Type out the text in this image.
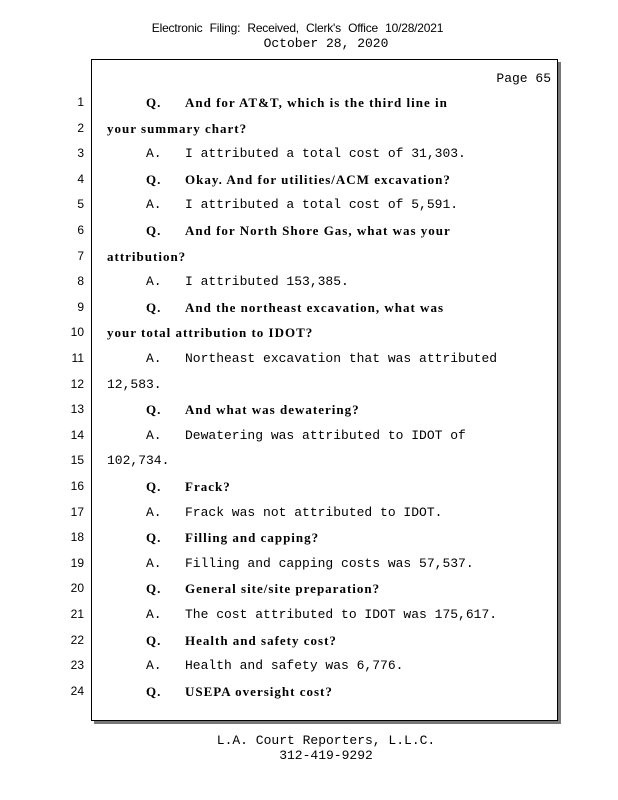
Electronic Filing: Received, Clerk's Office 10/28/2021
October 28, 2020
Page 65
1	Q. And for AT&T, which is the third line in
2 your summary chart?
3	A. I attributed a total cost of 31,303.
4	Q. Okay. And for utilities/ACM excavation?
5	A. I attributed a total cost of 5,591.
6	Q. And for North Shore Gas, what was your
7 attribution?
8	A. I attributed 153,385.
9	Q. And the northeast excavation, what was
10 your total attribution to IDOT?
11	A. Northeast excavation that was attributed
12 12,583.
13	Q. And what was dewatering?
14	A. Dewatering was attributed to IDOT of
15 102,734.
16	Q. Frack?
17	A. Frack was not attributed to IDOT.
18	Q. Filling and capping?
19	A. Filling and capping costs was 57,537.
20	Q. General site/site preparation?
21	A. The cost attributed to IDOT was 175,617.
22	Q. Health and safety cost?
23	A. Health and safety was 6,776.
24	Q. USEPA oversight cost?
L.A. Court Reporters, L.L.C.
312-419-9292
